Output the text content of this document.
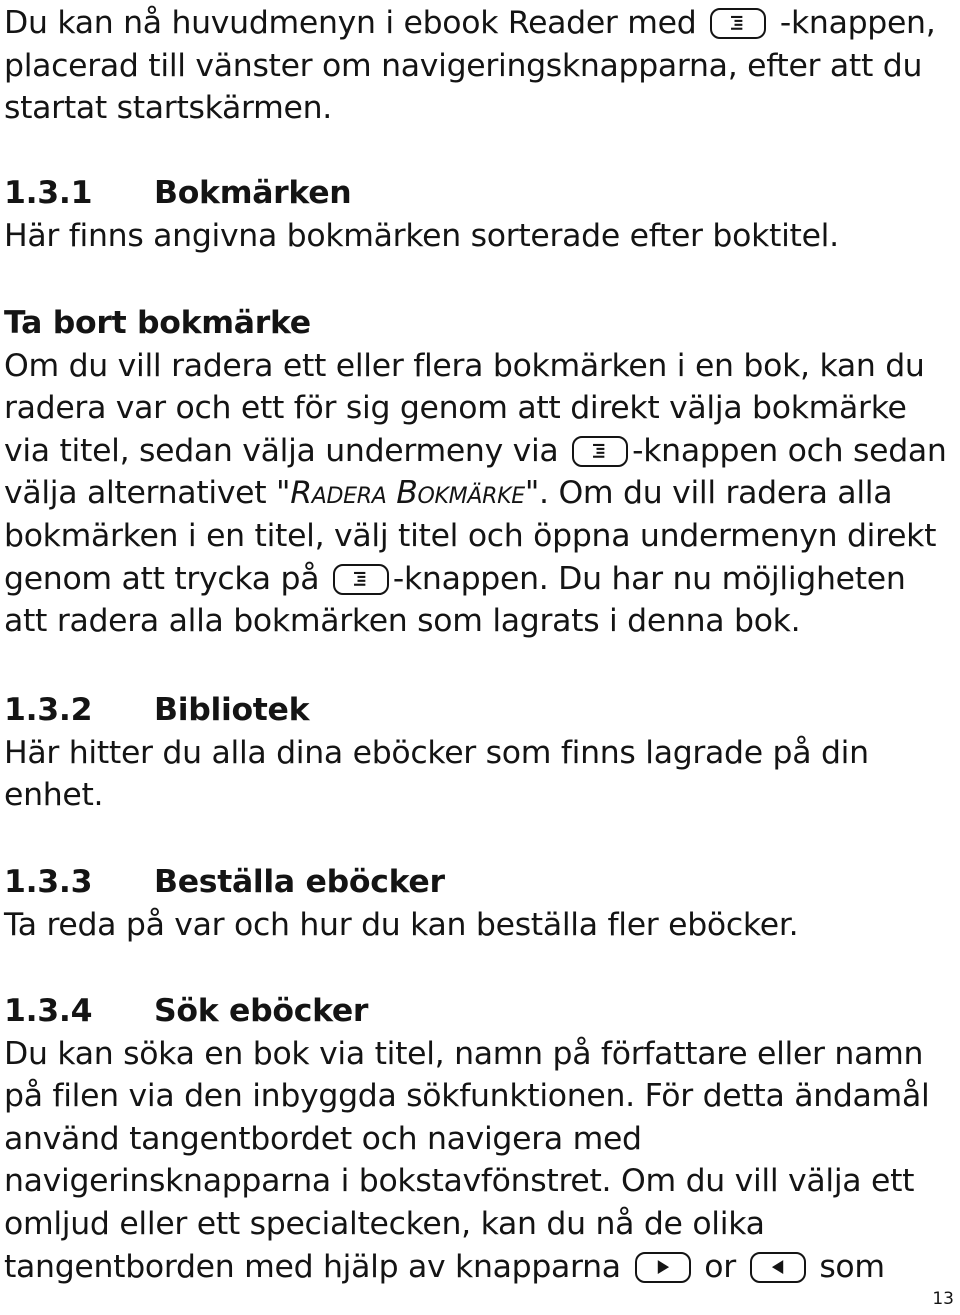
Du kan nå huvudmenyn i ebook Reader med	-knappen, placerad till vänster om navigeringsknapparna, efter att du startat startskärmen.

1.3.1 Bokmärken

Här finns angivna bokmärken sorterade efter boktitel.

Ta bort bokmärke

Om du vill radera ett eller flera bokmärken i en bok, kan du radera var och ett för sig genom att direkt välja bokmärke via titel, sedan välja undermeny via -knappen och sedan välja alternativet "Radera Bokmärke". Om du vill radera alla bokmärken i en titel, välj titel och öppna undermenyn direkt genom att trycka på -knappen. Du har nu möjligheten att radera alla bokmärken som lagrats i denna bok.

1.3.2 Bibliotek

Här hitter du alla dina eböcker som finns lagrade på din enhet.

1.3.3 Beställa eböcker

Ta reda på var och hur du kan beställa fler eböcker.

1.3.4 Sök eböcker

Du kan söka en bok via titel, namn på författare eller namn på filen via den inbyggda sökfunktionen. För detta ändamål använd tangentbordet och navigera med navigerinsknapparna i bokstavfönstret. Om du vill välja ett omljud eller ett specialtecken, kan du nå de olika tangentborden med hjälp av knapparna	or	som

13
